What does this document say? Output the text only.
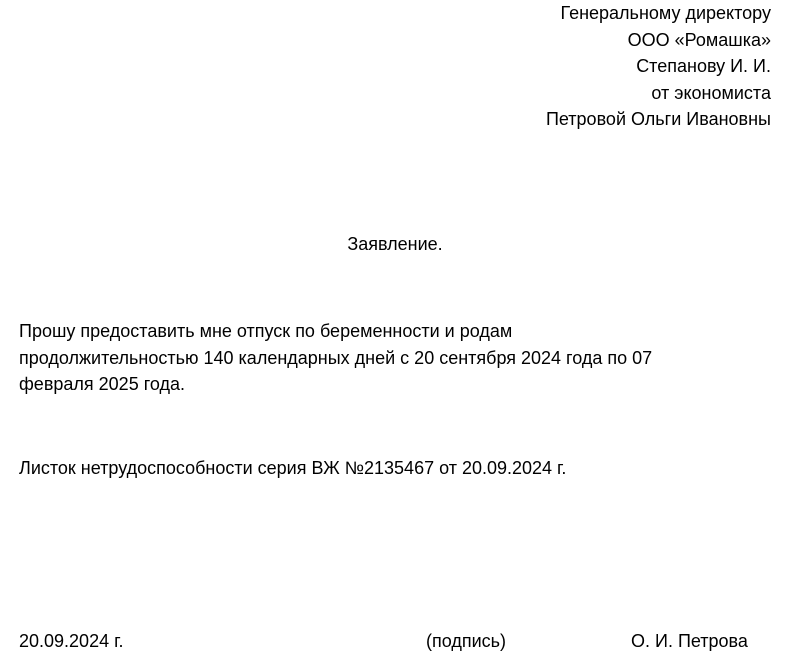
Генеральному директору
ООО «Ромашка»
Степанову И. И.
от экономиста
Петровой Ольги Ивановны
Заявление.

Прошу предоставить мне отпуск по беременности и родам
продолжительностью 140 календарных дней с 20 сентября 2024 года по 07
февраля 2025 года.

Листок нетрудоспособности серия ВЖ №2135467 от 20.09.2024 г.
20.09.2024 г.	(подпись)	О. И. Петрова
